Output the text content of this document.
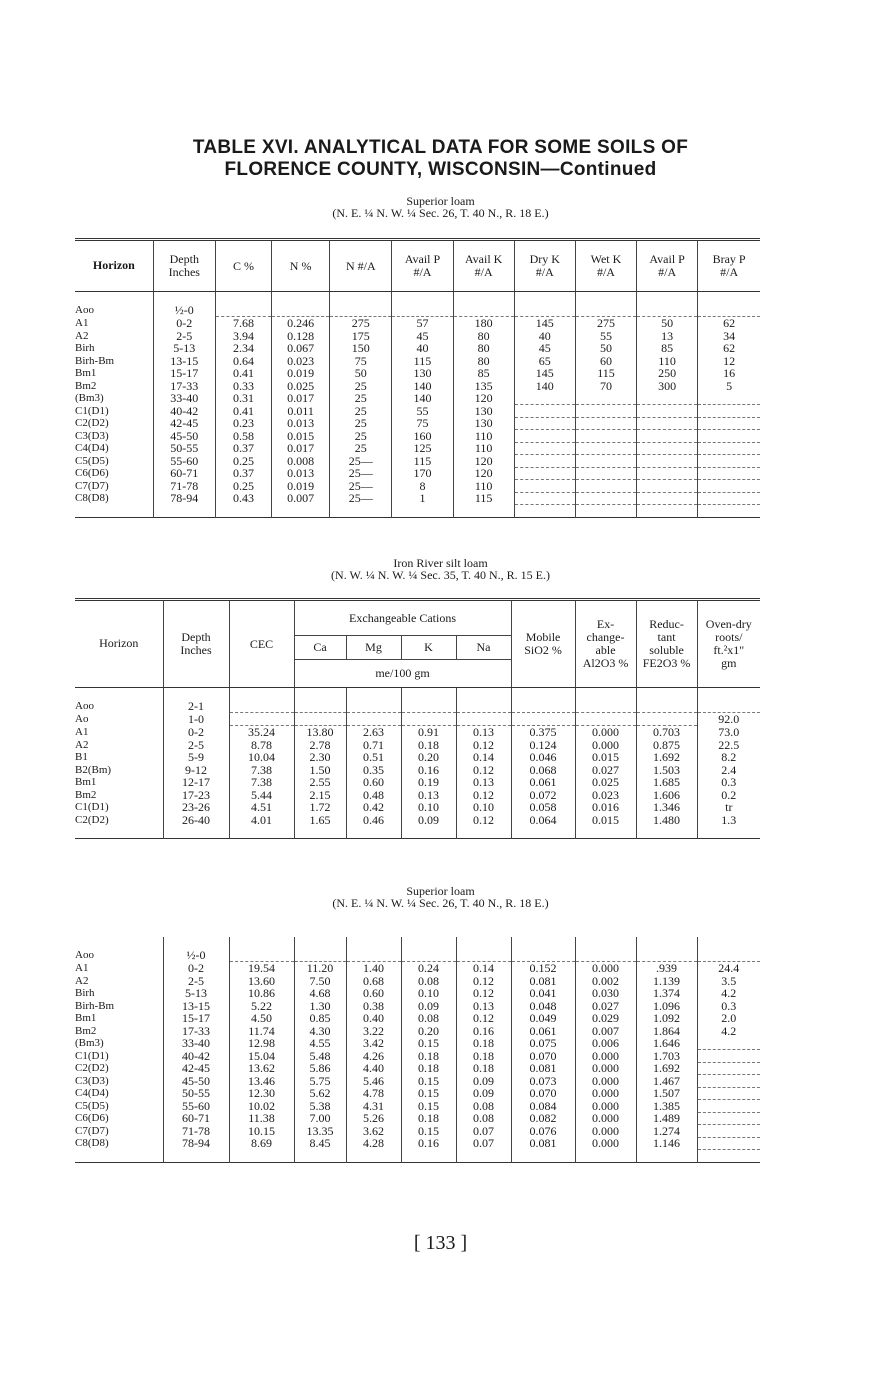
TABLE XVI. ANALYTICAL DATA FOR SOME SOILS OF
FLORENCE COUNTY, WISCONSIN—Continued
Superior loam
(N. E. ¼ N. W. ¼ Sec. 26, T. 40 N., R. 18 E.)
Horizon	Depth Inches	C %	N %	N #/A	Avail P #/A	Avail K #/A	Dry K #/A	Wet K #/A	Avail P #/A	Bray P #/A

Aoo	½-0									
A1	0-2	7.68	0.246	275	57	180	145	275	50	62
A2	2-5	3.94	0.128	175	45	80	40	55	13	34
Birh	5-13	2.34	0.067	150	40	80	45	50	85	62
Birh-Bm	13-15	0.64	0.023	75	115	80	65	60	110	12
Bm1	15-17	0.41	0.019	50	130	85	145	115	250	16
Bm2	17-33	0.33	0.025	25	140	135	140	70	300	5
(Bm3)	33-40	0.31	0.017	25	140	120				
C1(D1)	40-42	0.41	0.011	25	55	130				
C2(D2)	42-45	0.23	0.013	25	75	130				
C3(D3)	45-50	0.58	0.015	25	160	110				
C4(D4)	50-55	0.37	0.017	25	125	110				
C5(D5)	55-60	0.25	0.008	25—	115	120				
C6(D6)	60-71	0.37	0.013	25—	170	120				
C7(D7)	71-78	0.25	0.019	25—	8	110				
C8(D8)	78-94	0.43	0.007	25—	1	115				

Iron River silt loam
(N. W. ¼ N. W. ¼ Sec. 35, T. 40 N., R. 15 E.)
Horizon	Depth Inches	CEC	Exchangeable Cations				Mobile SiO2 %	Ex-change-able Al2O3 %	Reduc-tant soluble FE2O3 %	Oven-dry roots/ ft.²x1" gm
			Ca	Mg	K	Na				
			me/100 gm							

Aoo	2-1									
Ao	1-0									92.0
A1	0-2	35.24	13.80	2.63	0.91	0.13	0.375	0.000	0.703	73.0
A2	2-5	8.78	2.78	0.71	0.18	0.12	0.124	0.000	0.875	22.5
B1	5-9	10.04	2.30	0.51	0.20	0.14	0.046	0.015	1.692	8.2
B2(Bm)	9-12	7.38	1.50	0.35	0.16	0.12	0.068	0.027	1.503	2.4
Bm1	12-17	7.38	2.55	0.60	0.19	0.13	0.061	0.025	1.685	0.3
Bm2	17-23	5.44	2.15	0.48	0.13	0.12	0.072	0.023	1.606	0.2
C1(D1)	23-26	4.51	1.72	0.42	0.10	0.10	0.058	0.016	1.346	tr
C2(D2)	26-40	4.01	1.65	0.46	0.09	0.12	0.064	0.015	1.480	1.3

Superior loam
(N. E. ¼ N. W. ¼ Sec. 26, T. 40 N., R. 18 E.)

Aoo	½-0									
A1	0-2	19.54	11.20	1.40	0.24	0.14	0.152	0.000	.939	24.4
A2	2-5	13.60	7.50	0.68	0.08	0.12	0.081	0.002	1.139	3.5
Birh	5-13	10.86	4.68	0.60	0.10	0.12	0.041	0.030	1.374	4.2
Birh-Bm	13-15	5.22	1.30	0.38	0.09	0.13	0.048	0.027	1.096	0.3
Bm1	15-17	4.50	0.85	0.40	0.08	0.12	0.049	0.029	1.092	2.0
Bm2	17-33	11.74	4.30	3.22	0.20	0.16	0.061	0.007	1.864	4.2
(Bm3)	33-40	12.98	4.55	3.42	0.15	0.18	0.075	0.006	1.646	
C1(D1)	40-42	15.04	5.48	4.26	0.18	0.18	0.070	0.000	1.703	
C2(D2)	42-45	13.62	5.86	4.40	0.18	0.18	0.081	0.000	1.692	
C3(D3)	45-50	13.46	5.75	5.46	0.15	0.09	0.073	0.000	1.467	
C4(D4)	50-55	12.30	5.62	4.78	0.15	0.09	0.070	0.000	1.507	
C5(D5)	55-60	10.02	5.38	4.31	0.15	0.08	0.084	0.000	1.385	
C6(D6)	60-71	11.38	7.00	5.26	0.18	0.08	0.082	0.000	1.489	
C7(D7)	71-78	10.15	13.35	3.62	0.15	0.07	0.076	0.000	1.274	
C8(D8)	78-94	8.69	8.45	4.28	0.16	0.07	0.081	0.000	1.146	

[ 133 ]
